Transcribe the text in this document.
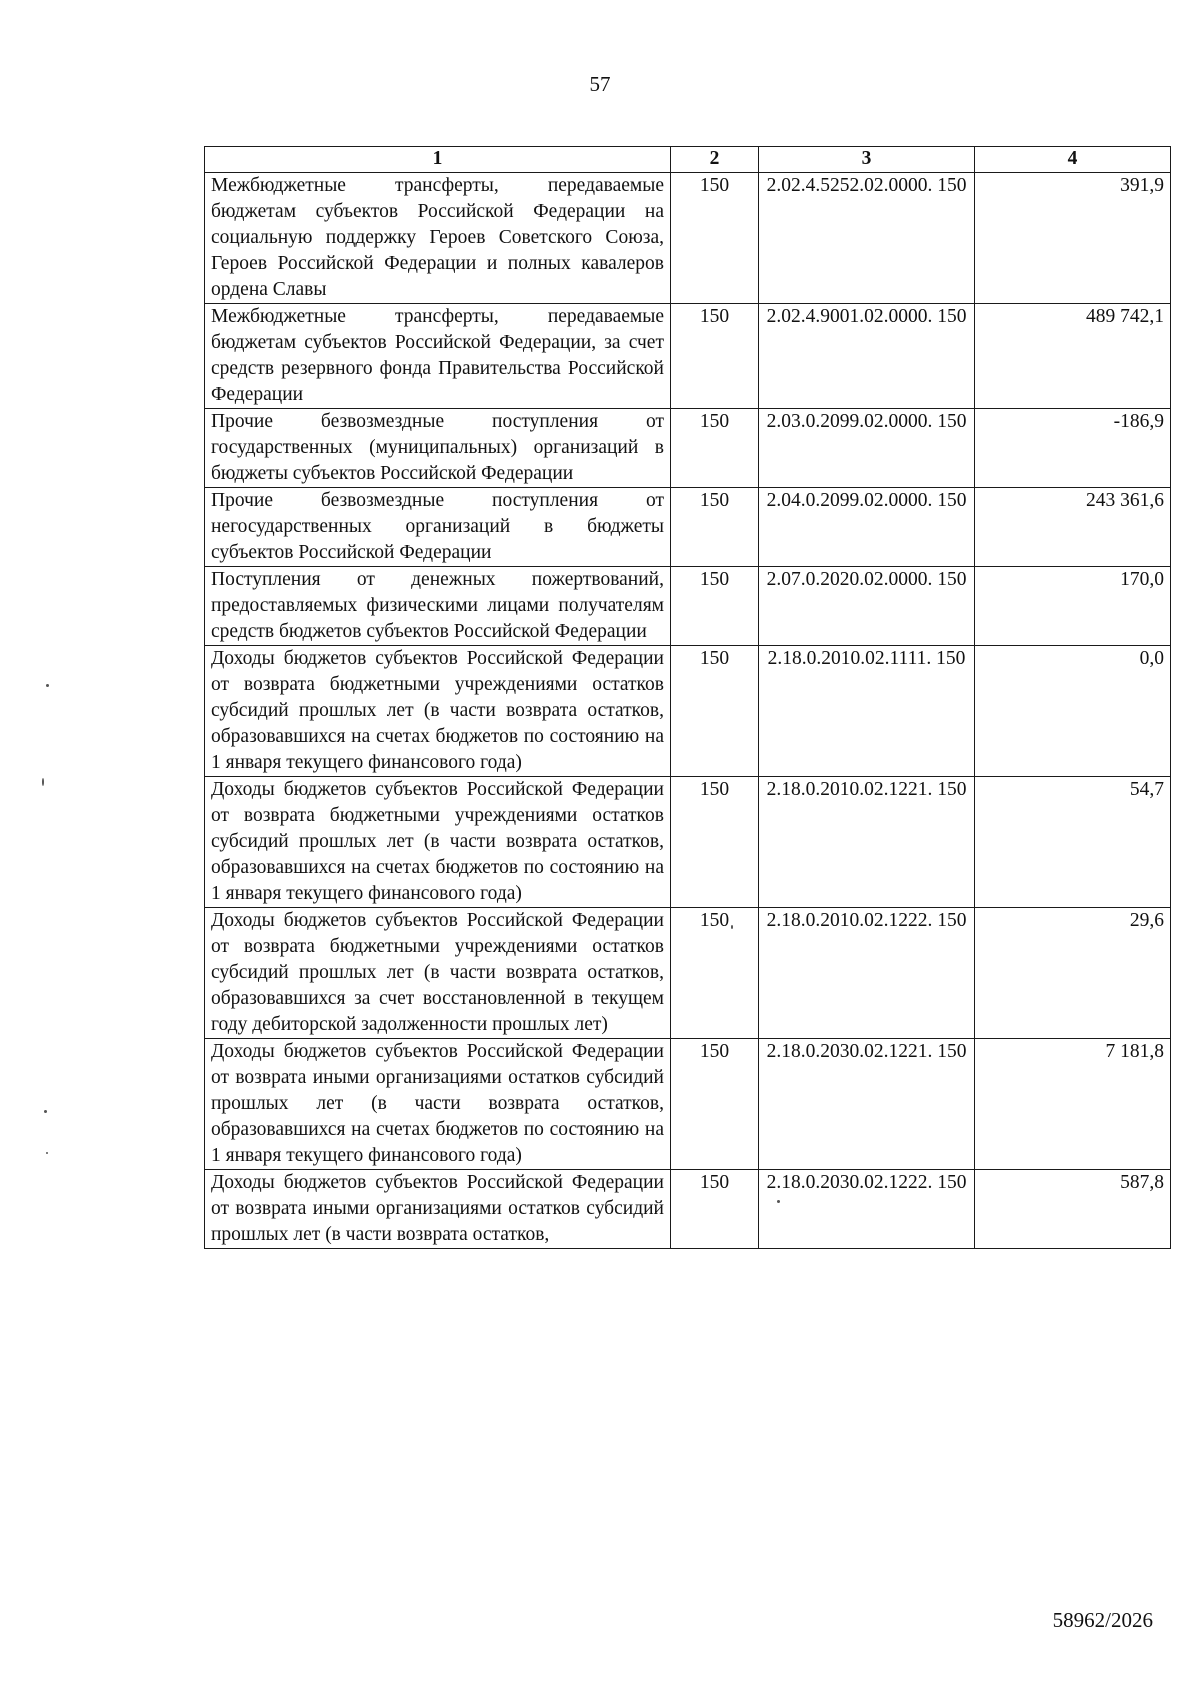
57
1	2	3	4
Межбюджетные трансферты, передаваемые бюджетам субъектов Российской Федерации на социальную поддержку Героев Советского Союза, Героев Российской Федерации и полных кавалеров ордена Славы	150	2.02.4.5252.02.0000. 150	391,9
Межбюджетные трансферты, передаваемые бюджетам субъектов Российской Федерации, за счет средств резервного фонда Правительства Российской Федерации	150	2.02.4.9001.02.0000. 150	489 742,1
Прочие безвозмездные поступления от государственных (муниципальных) организаций в бюджеты субъектов Российской Федерации	150	2.03.0.2099.02.0000. 150	-186,9
Прочие безвозмездные поступления от негосударственных организаций в бюджеты субъектов Российской Федерации	150	2.04.0.2099.02.0000. 150	243 361,6
Поступления от денежных пожертвований, предоставляемых физическими лицами получателям средств бюджетов субъектов Российской Федерации	150	2.07.0.2020.02.0000. 150	170,0
Доходы бюджетов субъектов Российской Федерации от возврата бюджетными учреждениями остатков субсидий прошлых лет (в части возврата остатков, образовавшихся на счетах бюджетов по состоянию на 1 января текущего финансового года)	150	2.18.0.2010.02.1111. 150	0,0
Доходы бюджетов субъектов Российской Федерации от возврата бюджетными учреждениями остатков субсидий прошлых лет (в части возврата остатков, образовавшихся на счетах бюджетов по состоянию на 1 января текущего финансового года)	150	2.18.0.2010.02.1221. 150	54,7
Доходы бюджетов субъектов Российской Федерации от возврата бюджетными учреждениями остатков субсидий прошлых лет (в части возврата остатков, образовавшихся за счет восстановленной в текущем году дебиторской задолженности прошлых лет)	150	2.18.0.2010.02.1222. 150	29,6
Доходы бюджетов субъектов Российской Федерации от возврата иными организациями остатков субсидий прошлых лет (в части возврата остатков, образовавшихся на счетах бюджетов по состоянию на 1 января текущего финансового года)	150	2.18.0.2030.02.1221. 150	7 181,8
Доходы бюджетов субъектов Российской Федерации от возврата иными организациями остатков субсидий прошлых лет (в части возврата остатков,	150	2.18.0.2030.02.1222. 150	587,8
58962/2026
